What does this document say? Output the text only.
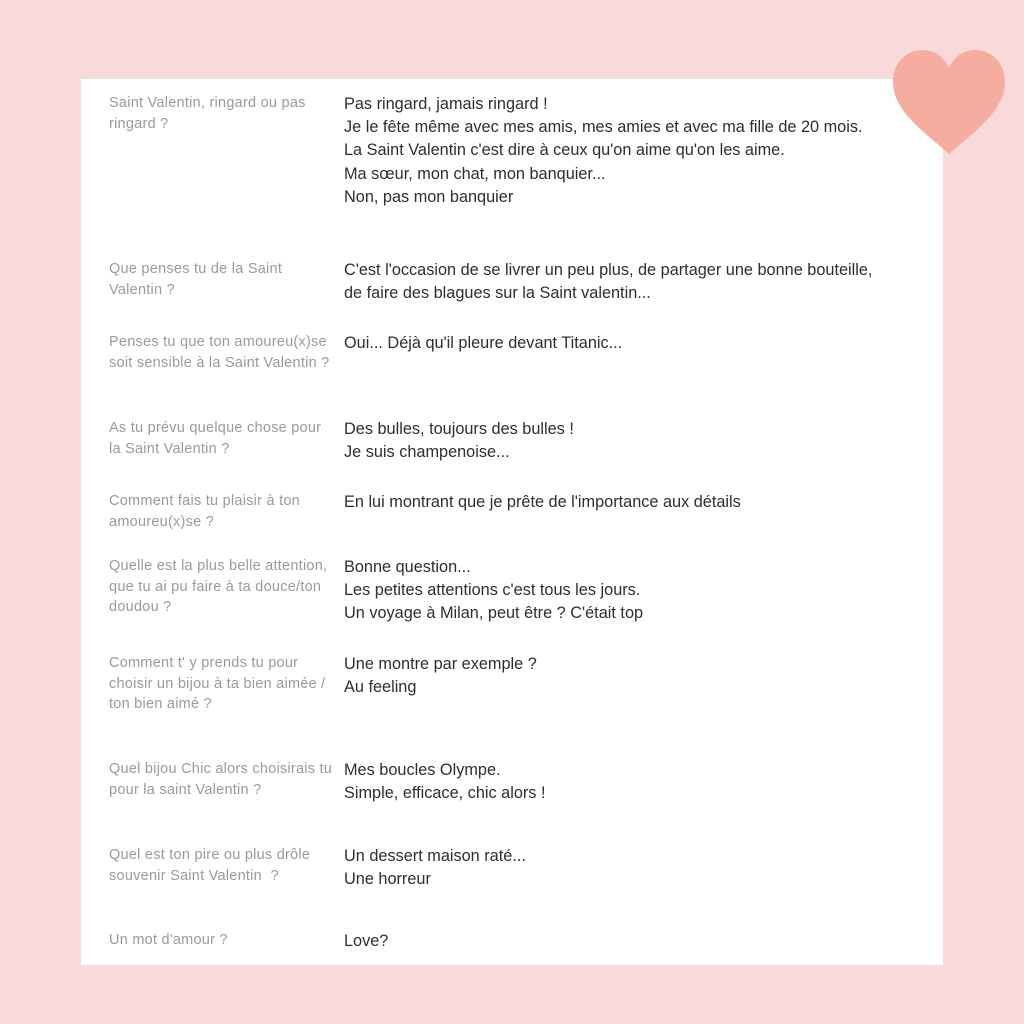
Saint Valentin, ringard ou pas ringard ?
Pas ringard, jamais ringard !
Je le fête même avec mes amis, mes amies et avec ma fille de 20 mois.
La Saint Valentin c'est dire à ceux qu'on aime qu'on les aime.
Ma sœur, mon chat, mon banquier...
Non, pas mon banquier
Que penses tu de la Saint Valentin ?
C'est l'occasion de se livrer un peu plus, de partager une bonne bouteille, de faire des blagues sur la Saint valentin...
Penses tu que ton amoureu(x)se soit sensible à la Saint Valentin ?
Oui... Déjà qu'il pleure devant Titanic...
As tu prévu quelque chose pour la Saint Valentin ?
Des bulles, toujours des bulles !
Je suis champenoise...
Comment fais tu plaisir à ton amoureu(x)se ?
En lui montrant que je prête de l'importance aux détails
Quelle est la plus belle attention, que tu ai pu faire à ta douce/ton doudou ?
Bonne question...
Les petites attentions c'est tous les jours.
Un voyage à Milan, peut être ? C'était top
Comment t' y prends tu pour choisir un bijou à ta bien aimée / ton bien aimé ?
Une montre par exemple ?
Au feeling
Quel bijou Chic alors choisirais tu pour la saint Valentin ?
Mes boucles Olympe.
Simple, efficace, chic alors !
Quel est ton pire ou plus drôle souvenir Saint Valentin  ?
Un dessert maison raté...
Une horreur
Un mot d'amour ?	Love?
